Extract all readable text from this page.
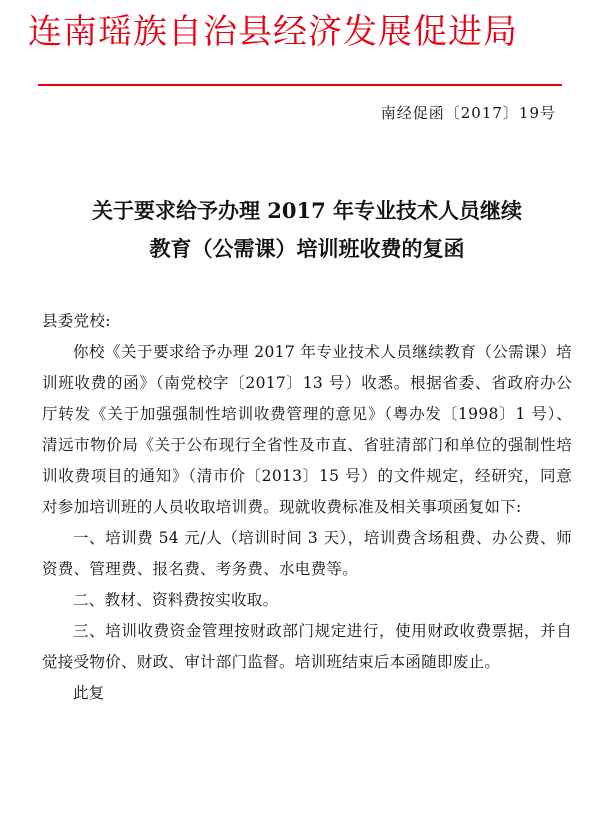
连南瑶族自治县经济发展促进局
南经促函〔2017〕19号
关于要求给予办理 2017 年专业技术人员继续
教育（公需课）培训班收费的复函

县委党校:

你校《关于要求给予办理 2017 年专业技术人员继续教育（公需课）培训班收费的函》（南党校字〔2017〕13 号）收悉。根据省委、省政府办公厅转发《关于加强强制性培训收费管理的意见》（粤办发〔1998〕1 号）、清远市物价局《关于公布现行全省性及市直、省驻清部门和单位的强制性培训收费项目的通知》（清市价〔2013〕15 号）的文件规定，经研究，同意对参加培训班的人员收取培训费。现就收费标准及相关事项函复如下:

一、培训费 54 元/人（培训时间 3 天），培训费含场租费、办公费、师资费、管理费、报名费、考务费、水电费等。

二、教材、资料费按实收取。

三、培训收费资金管理按财政部门规定进行，使用财政收费票据，并自觉接受物价、财政、审计部门监督。培训班结束后本函随即废止。

此复
